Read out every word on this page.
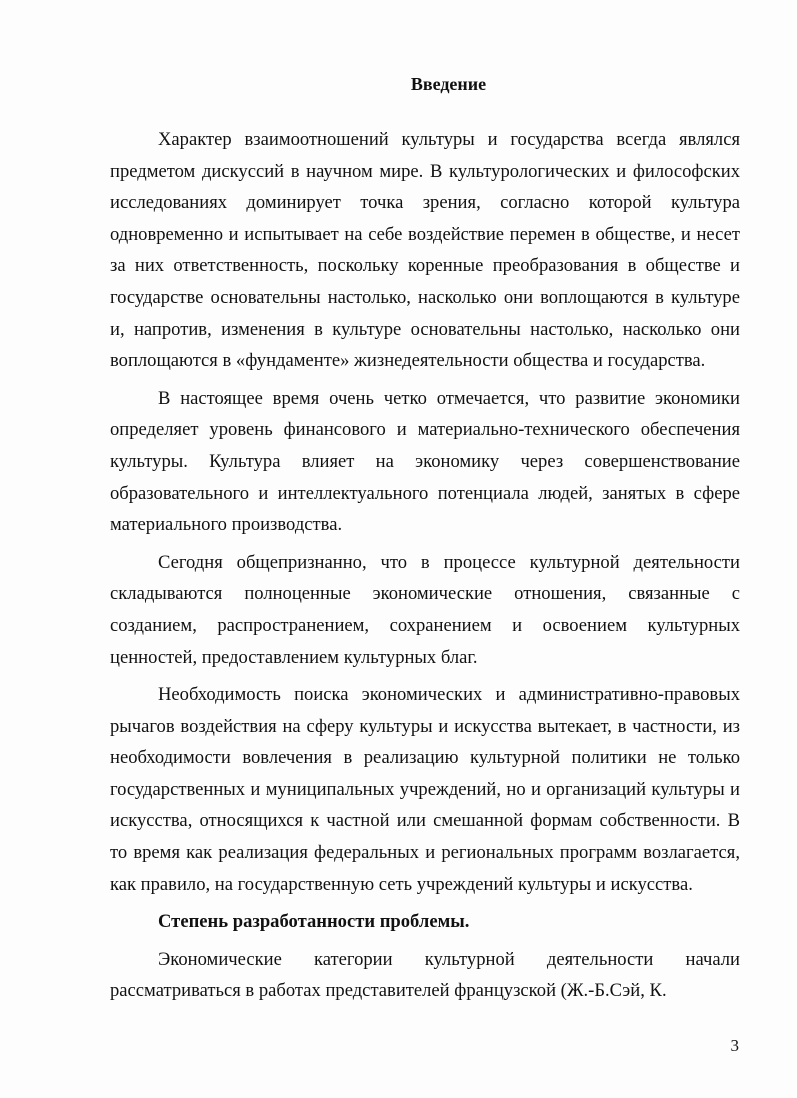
Введение

Характер взаимоотношений культуры и государства всегда являлся предметом дискуссий в научном мире. В культурологических и философских исследованиях доминирует точка зрения, согласно которой культура одновременно и испытывает на себе воздействие перемен в обществе, и несет за них ответственность, поскольку коренные преобразования в обществе и государстве основательны настолько, насколько они воплощаются в культуре и, напротив, изменения в культуре основательны настолько, насколько они воплощаются в «фундаменте» жизнедеятельности общества и государства.

В настоящее время очень четко отмечается, что развитие экономики определяет уровень финансового и материально-технического обеспечения культуры. Культура влияет на экономику через совершенствование образовательного и интеллектуального потенциала людей, занятых в сфере материального производства.

Сегодня общепризнанно, что в процессе культурной деятельности складываются полноценные экономические отношения, связанные с созданием, распространением, сохранением и освоением культурных ценностей, предоставлением культурных благ.

Необходимость поиска экономических и административно-правовых рычагов воздействия на сферу культуры и искусства вытекает, в частности, из необходимости вовлечения в реализацию культурной политики не только государственных и муниципальных учреждений, но и организаций культуры и искусства, относящихся к частной или смешанной формам собственности. В то время как реализация федеральных и региональных программ возлагается, как правило, на государственную сеть учреждений культуры и искусства.

Степень разработанности проблемы.

Экономические категории культурной деятельности начали рассматриваться в работах представителей французской (Ж.-Б.Сэй, К.

3
